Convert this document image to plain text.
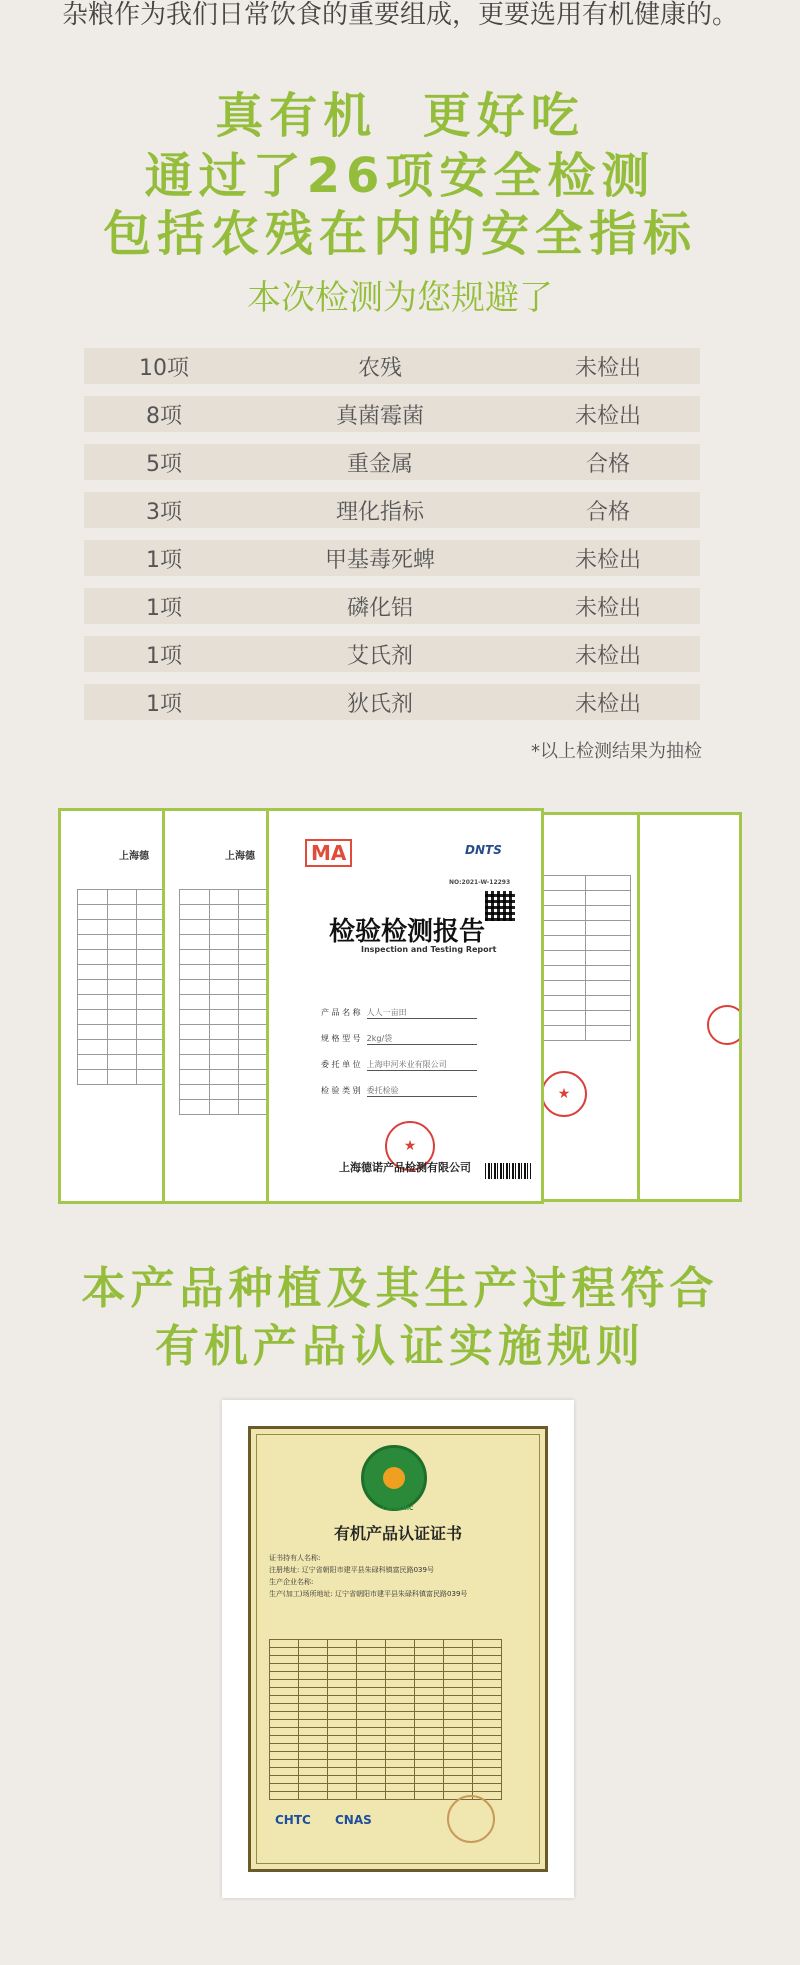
杂粮作为我们日常饮食的重要组成，更要选用有机健康的。
真有机  更好吃
通过了26项安全检测
包括农残在内的安全指标
本次检测为您规避了
10项	农残	未检出
8项	真菌霉菌	未检出
5项	重金属	合格
3项	理化指标	合格
1项	甲基毒死蜱	未检出
1项	磷化铝	未检出
1项	艾氏剂	未检出
1项	狄氏剂	未检出
*以上检测结果为抽检

★
上海德

			上海德

			MA	DNTS
NO:2021-W-12293
检验检测报告
Inspection and Testing Report
产 品 名 称 人人一亩田
规 格 型 号 2kg/袋
委 托 单 位 上海申河米业有限公司
检 验 类 别 委托检验
★
上海德诺产品检测有限公司
本产品种植及其生产过程符合
有机产品认证实施规则
ORGANIC
有机产品认证证书
证书持有人名称:
注册地址: 辽宁省朝阳市建平县朱碌科镇富民路039号
生产企业名称:
生产(加工)场所地址: 辽宁省朝阳市建平县朱碌科镇富民路039号

CHTC CNAS
